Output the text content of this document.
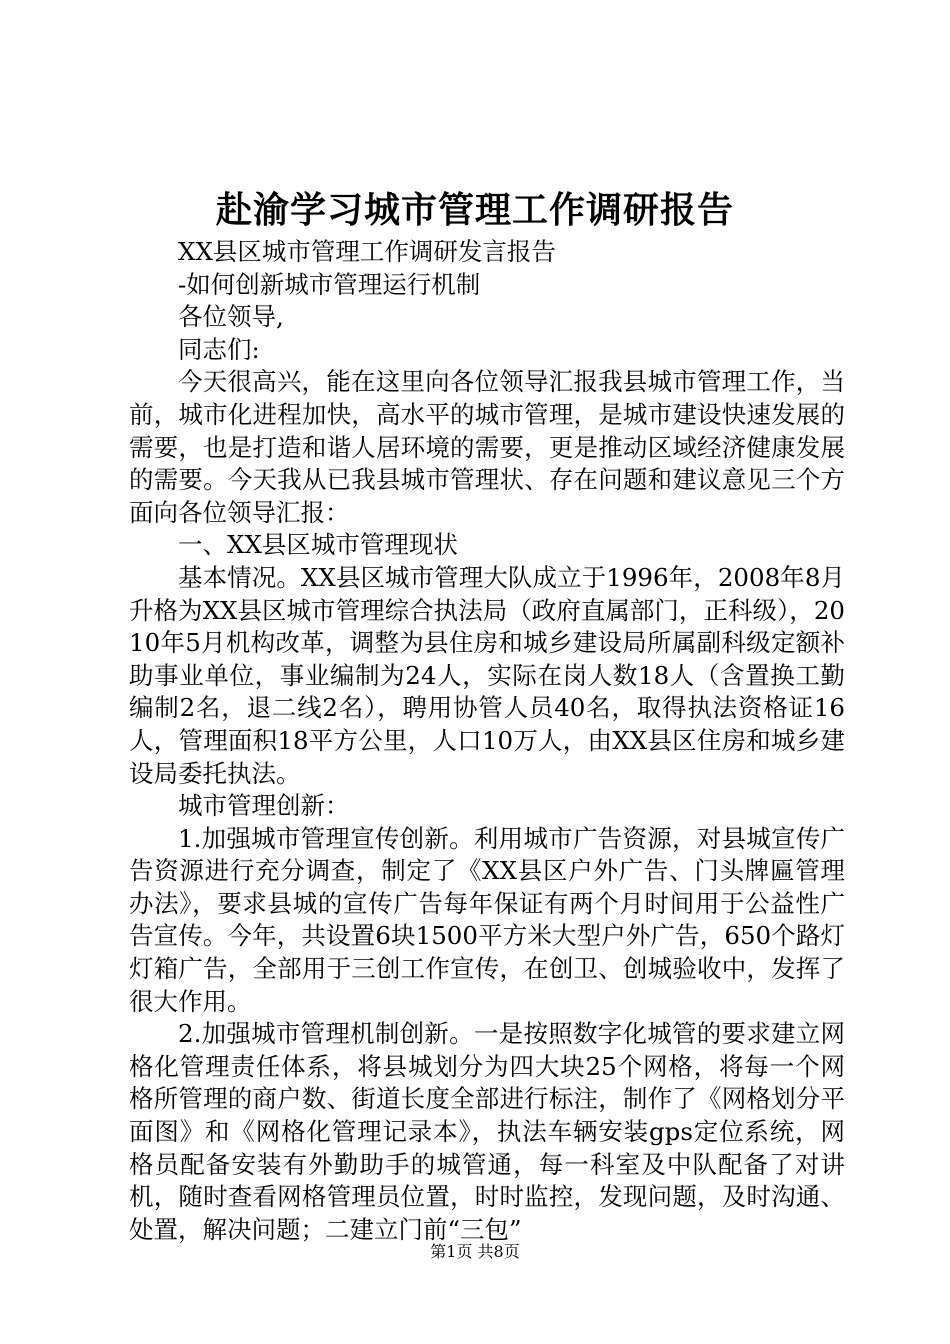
赴渝学习城市管理工作调研报告

XX县区城市管理工作调研发言报告

-如何创新城市管理运行机制

各位领导,

同志们:

今天很高兴，能在这里向各位领导汇报我县城市管理工作，当前，城市化进程加快，高水平的城市管理，是城市建设快速发展的需要，也是打造和谐人居环境的需要，更是推动区域经济健康发展的需要。今天我从已我县城市管理状、存在问题和建议意见三个方面向各位领导汇报：

一、XX县区城市管理现状

基本情况。XX县区城市管理大队成立于1996年，2008年8月升格为XX县区城市管理综合执法局（政府直属部门，正科级），2010年5月机构改革，调整为县住房和城乡建设局所属副科级定额补助事业单位，事业编制为24人，实际在岗人数18人（含置换工勤编制2名，退二线2名），聘用协管人员40名，取得执法资格证16人，管理面积18平方公里，人口10万人，由XX县区住房和城乡建设局委托执法。

城市管理创新：

1.加强城市管理宣传创新。利用城市广告资源，对县城宣传广告资源进行充分调查，制定了《XX县区户外广告、门头牌匾管理办法》，要求县城的宣传广告每年保证有两个月时间用于公益性广告宣传。今年，共设置6块1500平方米大型户外广告，650个路灯灯箱广告，全部用于三创工作宣传，在创卫、创城验收中，发挥了很大作用。

2.加强城市管理机制创新。一是按照数字化城管的要求建立网格化管理责任体系，将县城划分为四大块25个网格，将每一个网格所管理的商户数、街道长度全部进行标注，制作了《网格划分平面图》和《网格化管理记录本》，执法车辆安装gps定位系统，网格员配备安装有外勤助手的城管通，每一科室及中队配备了对讲机，随时查看网格管理员位置，时时监控，发现问题，及时沟通、处置，解决问题；二建立门前“三包”

第1页 共8页
